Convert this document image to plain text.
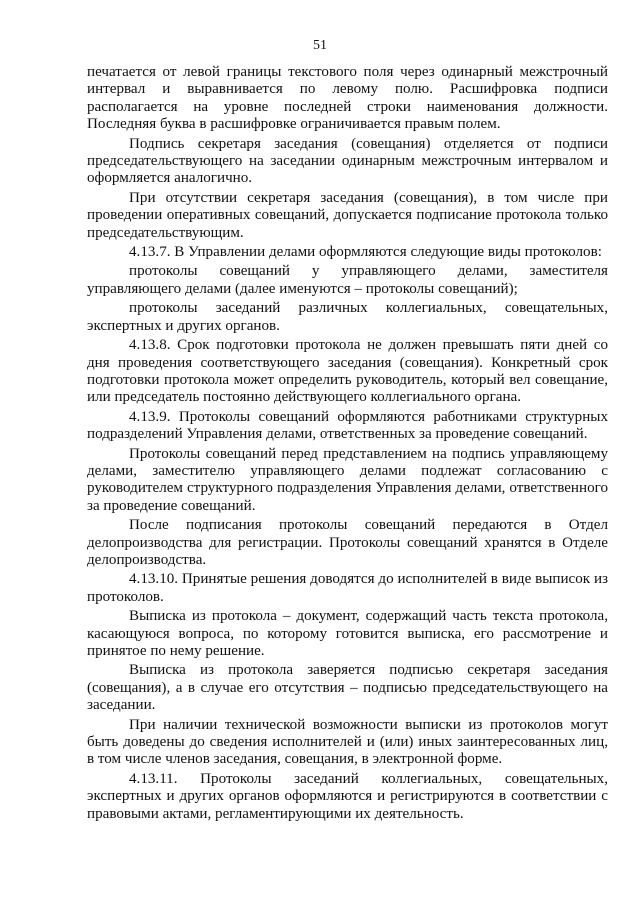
51

печатается от левой границы текстового поля через одинарный межстрочный интервал и выравнивается по левому полю. Расшифровка подписи располагается на уровне последней строки наименования должности. Последняя буква в расшифровке ограничивается правым полем.

Подпись секретаря заседания (совещания) отделяется от подписи председательствующего на заседании одинарным межстрочным интервалом и оформляется аналогично.

При отсутствии секретаря заседания (совещания), в том числе при проведении оперативных совещаний, допускается подписание протокола только председательствующим.

4.13.7. В Управлении делами оформляются следующие виды протоколов:

протоколы совещаний у управляющего делами, заместителя управляющего делами (далее именуются – протоколы совещаний);

протоколы заседаний различных коллегиальных, совещательных, экспертных и других органов.

4.13.8. Срок подготовки протокола не должен превышать пяти дней со дня проведения соответствующего заседания (совещания). Конкретный срок подготовки протокола может определить руководитель, который вел совещание, или председатель постоянно действующего коллегиального органа.

4.13.9. Протоколы совещаний оформляются работниками структурных подразделений Управления делами, ответственных за проведение совещаний.

Протоколы совещаний перед представлением на подпись управляющему делами, заместителю управляющего делами подлежат согласованию с руководителем структурного подразделения Управления делами, ответственного за проведение совещаний.

После подписания протоколы совещаний передаются в Отдел делопроизводства для регистрации. Протоколы совещаний хранятся в Отделе делопроизводства.

4.13.10. Принятые решения доводятся до исполнителей в виде выписок из протоколов.

Выписка из протокола – документ, содержащий часть текста протокола, касающуюся вопроса, по которому готовится выписка, его рассмотрение и принятое по нему решение.

Выписка из протокола заверяется подписью секретаря заседания (совещания), а в случае его отсутствия – подписью председательствующего на заседании.

При наличии технической возможности выписки из протоколов могут быть доведены до сведения исполнителей и (или) иных заинтересованных лиц, в том числе членов заседания, совещания, в электронной форме.

4.13.11. Протоколы заседаний коллегиальных, совещательных, экспертных и других органов оформляются и регистрируются в соответствии с правовыми актами, регламентирующими их деятельность.
